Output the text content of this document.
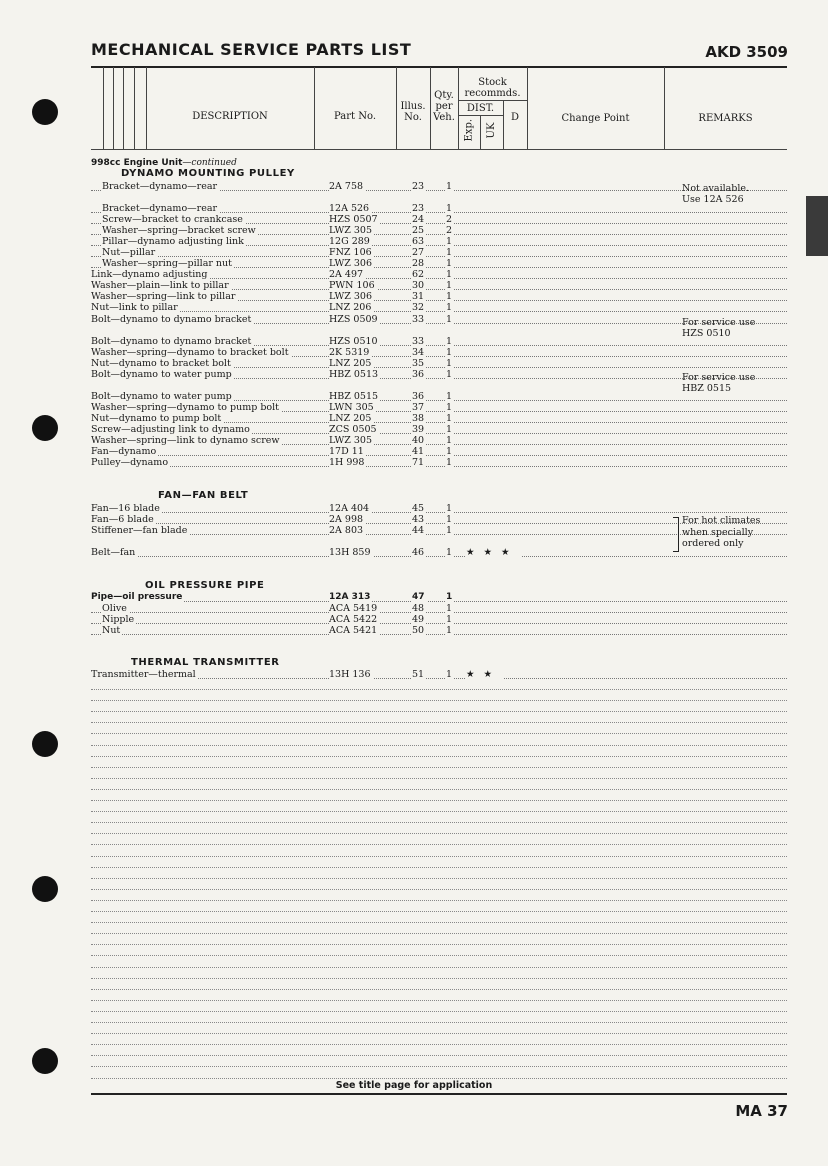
MECHANICAL SERVICE PARTS LIST	AKD 3509
DESCRIPTION	Part No.
Illus.
No.
Qty.
per
Veh.
Stock
recommds.
DIST.
Exp. UK
D	Change Point	REMARKS
998cc Engine Unit—continued
DYNAMO MOUNTING PULLEY
Bracket—dynamo—rear	2A 758	23 1
Bracket—dynamo—rear	12A 526	23 1
Screw—bracket to crankcase	HZS 0507	24 2
Washer—spring—bracket screw	LWZ 305	25 2
Pillar—dynamo adjusting link	12G 289	63 1
Nut—pillar	FNZ 106	27 1
Washer—spring—pillar nut	LWZ 306	28 1
Link—dynamo adjusting	2A 497	62 1
Washer—plain—link to pillar	PWN 106	30 1
Washer—spring—link to pillar	LWZ 306	31 1
Nut—link to pillar	LNZ 206	32 1
Bolt—dynamo to dynamo bracket	HZS 0509	33 1
Bolt—dynamo to dynamo bracket	HZS 0510	33 1
Washer—spring—dynamo to bracket bolt	2K 5319	34 1
Nut—dynamo to bracket bolt	LNZ 205	35 1
Bolt—dynamo to water pump	HBZ 0513	36 1
Bolt—dynamo to water pump	HBZ 0515	36 1
Washer—spring—dynamo to pump bolt	LWN 305	37 1
Nut—dynamo to pump bolt	LNZ 205	38 1
Screw—adjusting link to dynamo	ZCS 0505	39 1
Washer—spring—link to dynamo screw	LWZ 305	40 1
Fan—dynamo	17D 11	41 1
Pulley—dynamo	1H 998	71 1
Not available.
Use 12A 526
For service use
HZS 0510
For service use
HBZ 0515
FAN—FAN BELT
Fan—16 blade	12A 404	45 1
Fan—6 blade	2A 998	43 1
Stiffener—fan blade	2A 803	44 1
Belt—fan	13H 859	46 1 ★★★
For hot climates
when specially
ordered only
OIL PRESSURE PIPE
Pipe—oil pressure	12A 313	47 1
Olive	ACA 5419	48 1
Nipple	ACA 5422	49 1
Nut	ACA 5421	50 1
THERMAL TRANSMITTER
Transmitter—thermal	13H 136	51 1 ★★
See title page for application
MA 37
